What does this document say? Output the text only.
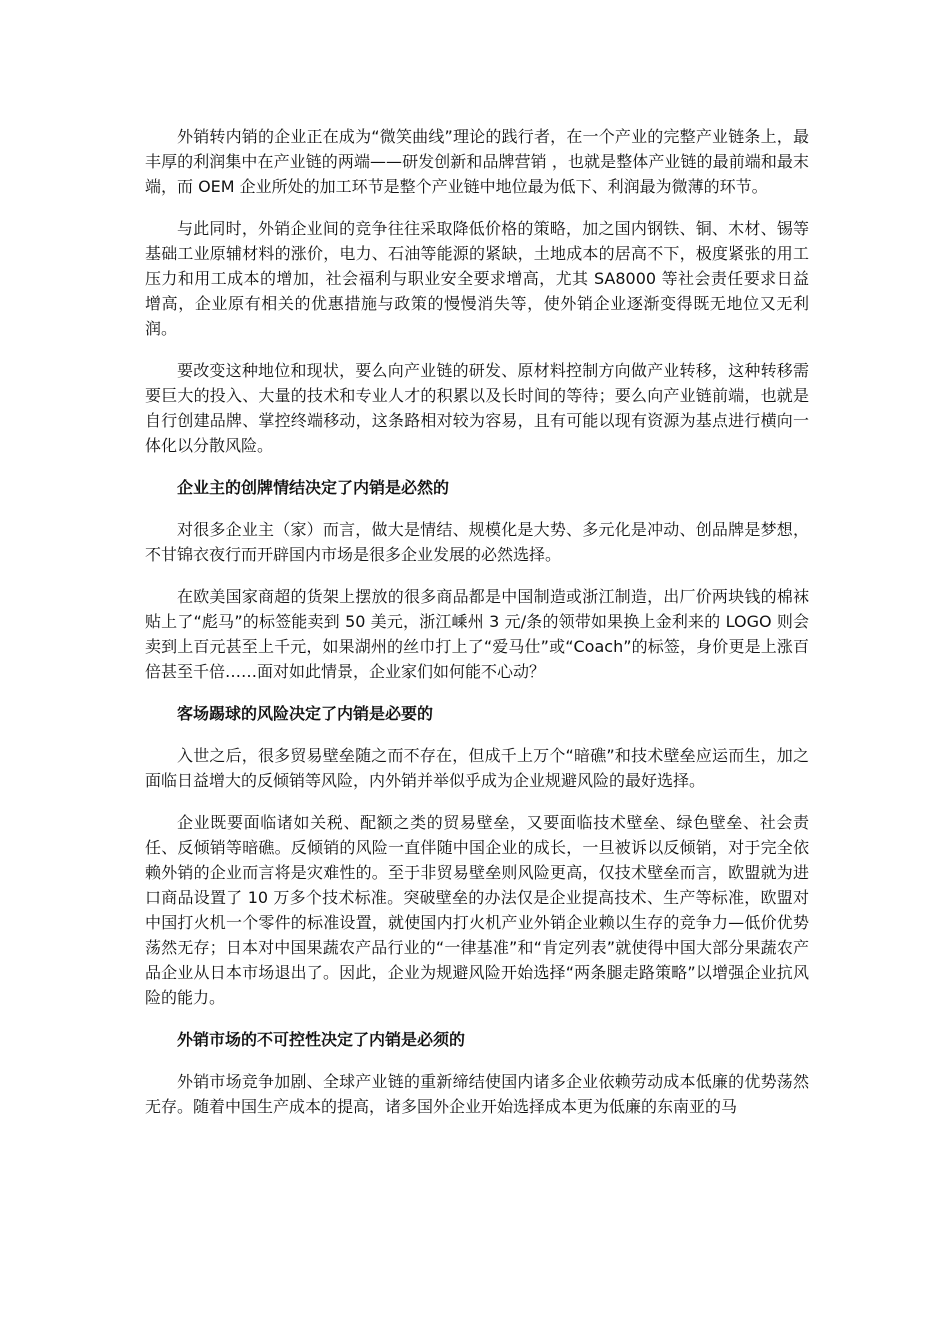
外销转内销的企业正在成为“微笑曲线”理论的践行者，在一个产业的完整产业链条上，最丰厚的利润集中在产业链的两端——研发创新和品牌营销 ，也就是整体产业链的最前端和最末端，而 OEM 企业所处的加工环节是整个产业链中地位最为低下、利润最为微薄的环节。

与此同时，外销企业间的竞争往往采取降低价格的策略，加之国内钢铁、铜、木材、锡等基础工业原辅材料的涨价，电力、石油等能源的紧缺，土地成本的居高不下，极度紧张的用工压力和用工成本的增加，社会福利与职业安全要求增高，尤其 SA8000 等社会责任要求日益增高，企业原有相关的优惠措施与政策的慢慢消失等，使外销企业逐渐变得既无地位又无利润。

要改变这种地位和现状，要么向产业链的研发、原材料控制方向做产业转移，这种转移需要巨大的投入、大量的技术和专业人才的积累以及长时间的等待；要么向产业链前端，也就是自行创建品牌、掌控终端移动，这条路相对较为容易，且有可能以现有资源为基点进行横向一体化以分散风险。

企业主的创牌情结决定了内销是必然的

对很多企业主（家）而言，做大是情结、规模化是大势、多元化是冲动、创品牌是梦想，不甘锦衣夜行而开辟国内市场是很多企业发展的必然选择。

在欧美国家商超的货架上摆放的很多商品都是中国制造或浙江制造，出厂价两块钱的棉袜贴上了“彪马”的标签能卖到 50 美元，浙江嵊州 3 元/条的领带如果换上金利来的 LOGO 则会卖到上百元甚至上千元，如果湖州的丝巾打上了“爱马仕”或“Coach”的标签，身价更是上涨百倍甚至千倍……面对如此情景，企业家们如何能不心动？

客场踢球的风险决定了内销是必要的

入世之后，很多贸易壁垒随之而不存在，但成千上万个“暗礁”和技术壁垒应运而生，加之面临日益增大的反倾销等风险，内外销并举似乎成为企业规避风险的最好选择。

企业既要面临诸如关税、配额之类的贸易壁垒，又要面临技术壁垒、绿色壁垒、社会责任、反倾销等暗礁。反倾销的风险一直伴随中国企业的成长，一旦被诉以反倾销，对于完全依赖外销的企业而言将是灾难性的。至于非贸易壁垒则风险更高，仅技术壁垒而言，欧盟就为进口商品设置了 10 万多个技术标准。突破壁垒的办法仅是企业提高技术、生产等标准，欧盟对中国打火机一个零件的标准设置，就使国内打火机产业外销企业赖以生存的竞争力—低价优势荡然无存；日本对中国果蔬农产品行业的“一律基准”和“肯定列表”就使得中国大部分果蔬农产品企业从日本市场退出了。因此，企业为规避风险开始选择“两条腿走路策略”以增强企业抗风险的能力。

外销市场的不可控性决定了内销是必须的

外销市场竞争加剧、全球产业链的重新缔结使国内诸多企业依赖劳动成本低廉的优势荡然无存。随着中国生产成本的提高，诸多国外企业开始选择成本更为低廉的东南亚的马
